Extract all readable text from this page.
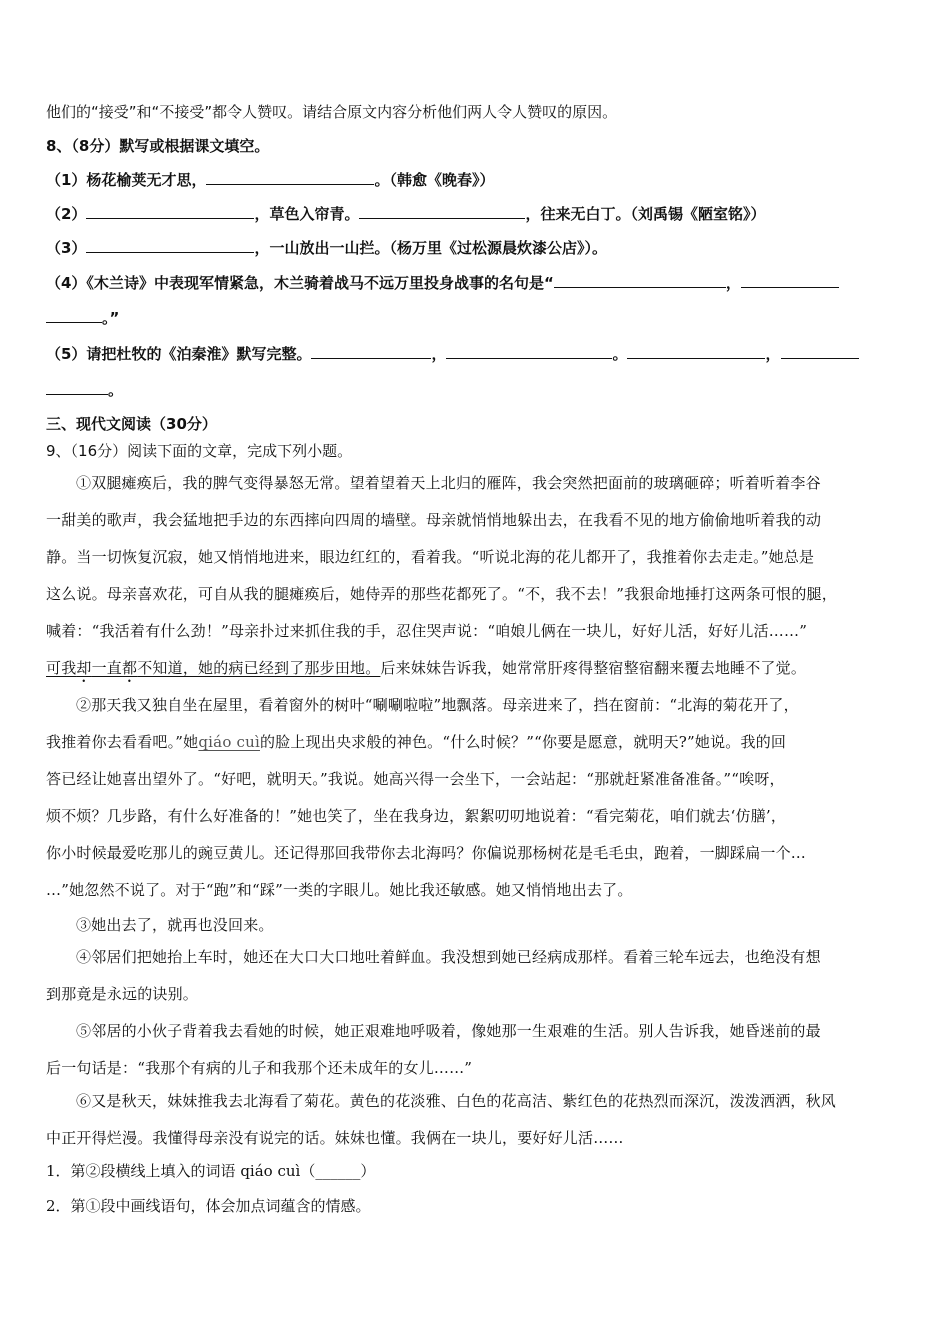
他们的“接受”和“不接受”都令人赞叹。请结合原文内容分析他们两人令人赞叹的原因。
8、（8分）默写或根据课文填空。
（1）杨花榆荚无才思，	。（韩愈《晚春》）
（2）	，草色入帘青。	，往来无白丁。（刘禹锡《陋室铭》）
（3）	，一山放出一山拦。（杨万里《过松源晨炊漆公店》）。
（4）《木兰诗》中表现军情紧急，木兰骑着战马不远万里投身战事的名句是“	，
。”
（5）请把杜牧的《泊秦淮》默写完整。	，	。	，
。
三、现代文阅读（30分）
9、（16分）阅读下面的文章，完成下列小题。
①双腿瘫痪后，我的脾气变得暴怒无常。望着望着天上北归的雁阵，我会突然把面前的玻璃砸碎；听着听着李谷
一甜美的歌声，我会猛地把手边的东西摔向四周的墙壁。母亲就悄悄地躲出去，在我看不见的地方偷偷地听着我的动
静。当一切恢复沉寂，她又悄悄地进来，眼边红红的，看着我。“听说北海的花儿都开了，我推着你去走走。”她总是
这么说。母亲喜欢花，可自从我的腿瘫痪后，她侍弄的那些花都死了。“不，我不去！”我狠命地捶打这两条可恨的腿，
喊着：“我活着有什么劲！”母亲扑过来抓住我的手，忍住哭声说：“咱娘儿俩在一块儿，好好儿活，好好儿活……”
可我却一直都不知道，她的病已经到了那步田地。后来妹妹告诉我，她常常肝疼得整宿整宿翻来覆去地睡不了觉。
②那天我又独自坐在屋里，看着窗外的树叶“唰唰啦啦”地飘落。母亲进来了，挡在窗前：“北海的菊花开了，
我推着你去看看吧。”她qiáo cuì的脸上现出央求般的神色。“什么时候？”“你要是愿意，就明天?”她说。我的回
答已经让她喜出望外了。“好吧，就明天。”我说。她高兴得一会坐下，一会站起：“那就赶紧准备准备。”“唉呀，
烦不烦？几步路，有什么好准备的！”她也笑了，坐在我身边，絮絮叨叨地说着：“看完菊花，咱们就去‘仿膳’，
你小时候最爱吃那儿的豌豆黄儿。还记得那回我带你去北海吗？你偏说那杨树花是毛毛虫，跑着，一脚踩扁一个…
…”她忽然不说了。对于“跑”和“踩”一类的字眼儿。她比我还敏感。她又悄悄地出去了。
③她出去了，就再也没回来。
④邻居们把她抬上车时，她还在大口大口地吐着鲜血。我没想到她已经病成那样。看着三轮车远去，也绝没有想
到那竟是永远的诀别。
⑤邻居的小伙子背着我去看她的时候，她正艰难地呼吸着，像她那一生艰难的生活。别人告诉我，她昏迷前的最
后一句话是：“我那个有病的儿子和我那个还未成年的女儿……”
⑥又是秋天，妹妹推我去北海看了菊花。黄色的花淡雅、白色的花高洁、紫红色的花热烈而深沉，泼泼洒洒，秋风
中正开得烂漫。我懂得母亲没有说完的话。妹妹也懂。我俩在一块儿，要好好儿活……
1．第②段横线上填入的词语 qiáo cuì（______）
2．第①段中画线语句，体会加点词蕴含的情感。
